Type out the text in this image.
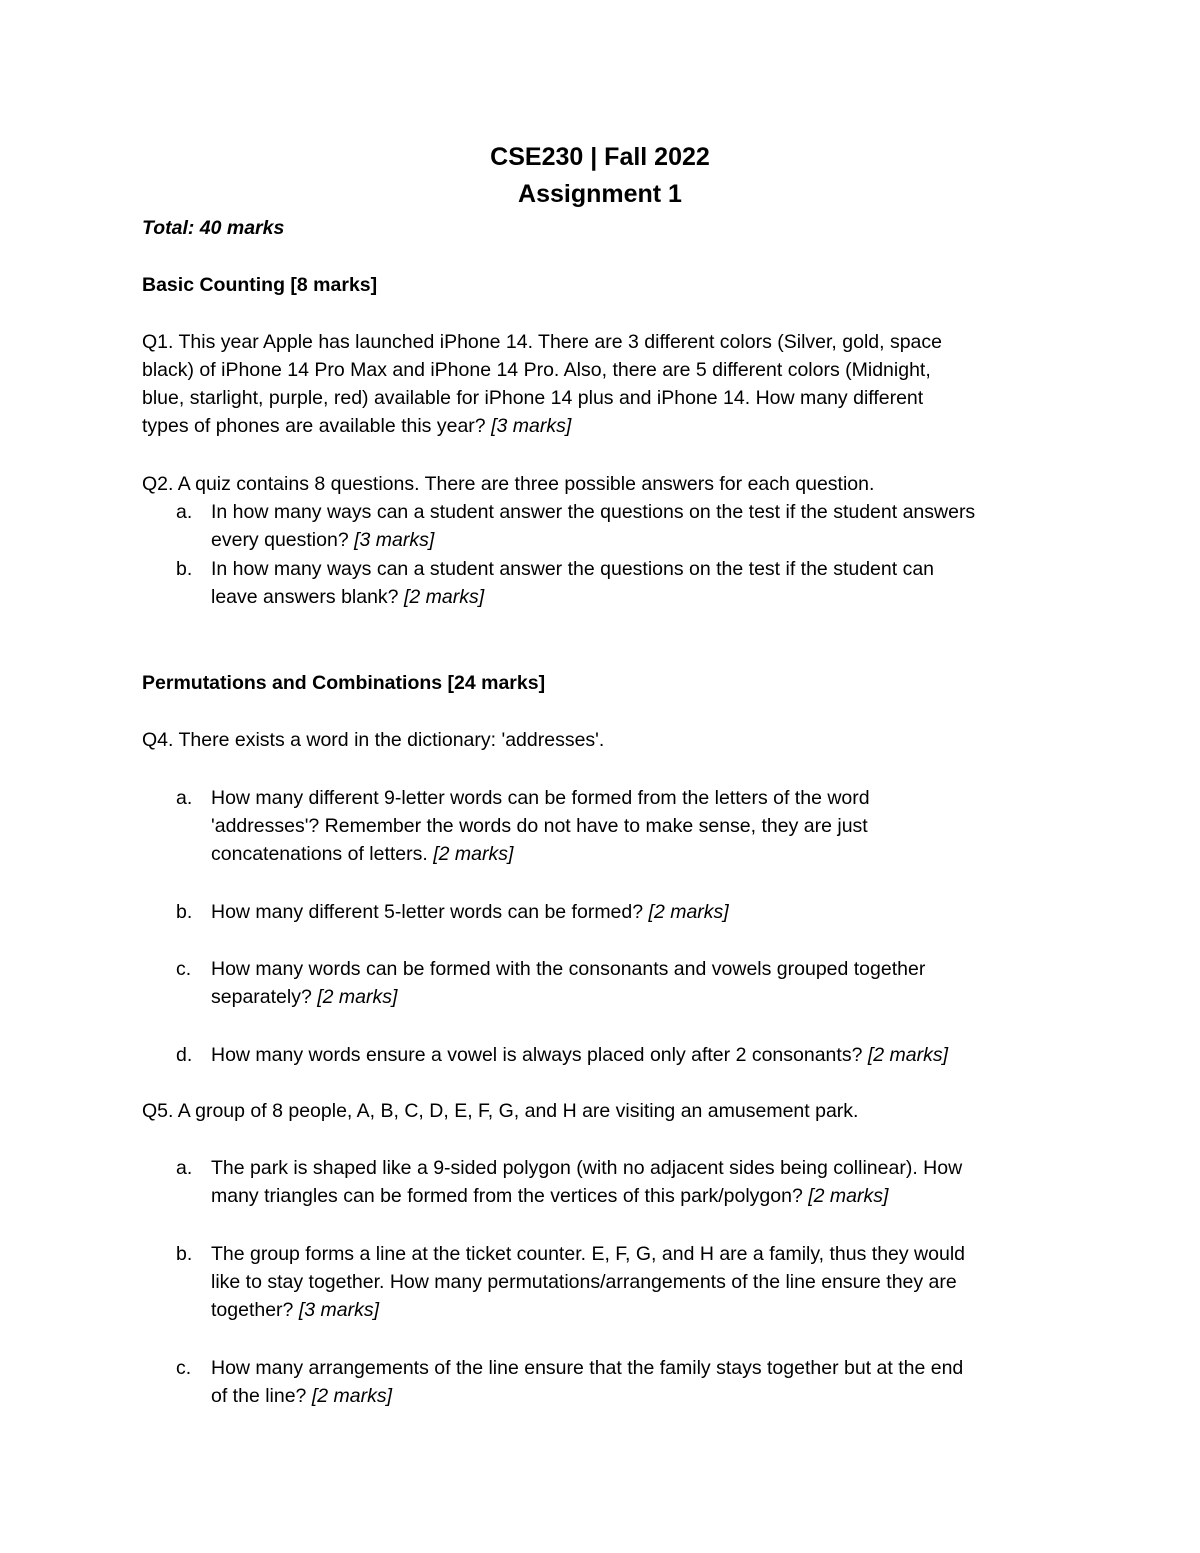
CSE230 | Fall 2022
Assignment 1
Total: 40 marks
Basic Counting [8 marks]
Q1. This year Apple has launched iPhone 14. There are 3 different colors (Silver, gold, space
black) of iPhone 14 Pro Max and iPhone 14 Pro. Also, there are 5 different colors (Midnight,
blue, starlight, purple, red) available for iPhone 14 plus and iPhone 14. How many different
types of phones are available this year? [3 marks]
Q2. A quiz contains 8 questions. There are three possible answers for each question.
a. In how many ways can a student answer the questions on the test if the student answers
every question? [3 marks]
b. In how many ways can a student answer the questions on the test if the student can
leave answers blank? [2 marks]
Permutations and Combinations [24 marks]
Q4. There exists a word in the dictionary: 'addresses'.
a. How many different 9-letter words can be formed from the letters of the word
'addresses'? Remember the words do not have to make sense, they are just
concatenations of letters. [2 marks]
b. How many different 5-letter words can be formed? [2 marks]
c. How many words can be formed with the consonants and vowels grouped together
separately? [2 marks]
d. How many words ensure a vowel is always placed only after 2 consonants? [2 marks]
Q5. A group of 8 people, A, B, C, D, E, F, G, and H are visiting an amusement park.
a. The park is shaped like a 9-sided polygon (with no adjacent sides being collinear). How
many triangles can be formed from the vertices of this park/polygon? [2 marks]
b. The group forms a line at the ticket counter. E, F, G, and H are a family, thus they would
like to stay together. How many permutations/arrangements of the line ensure they are
together? [3 marks]
c. How many arrangements of the line ensure that the family stays together but at the end
of the line? [2 marks]
